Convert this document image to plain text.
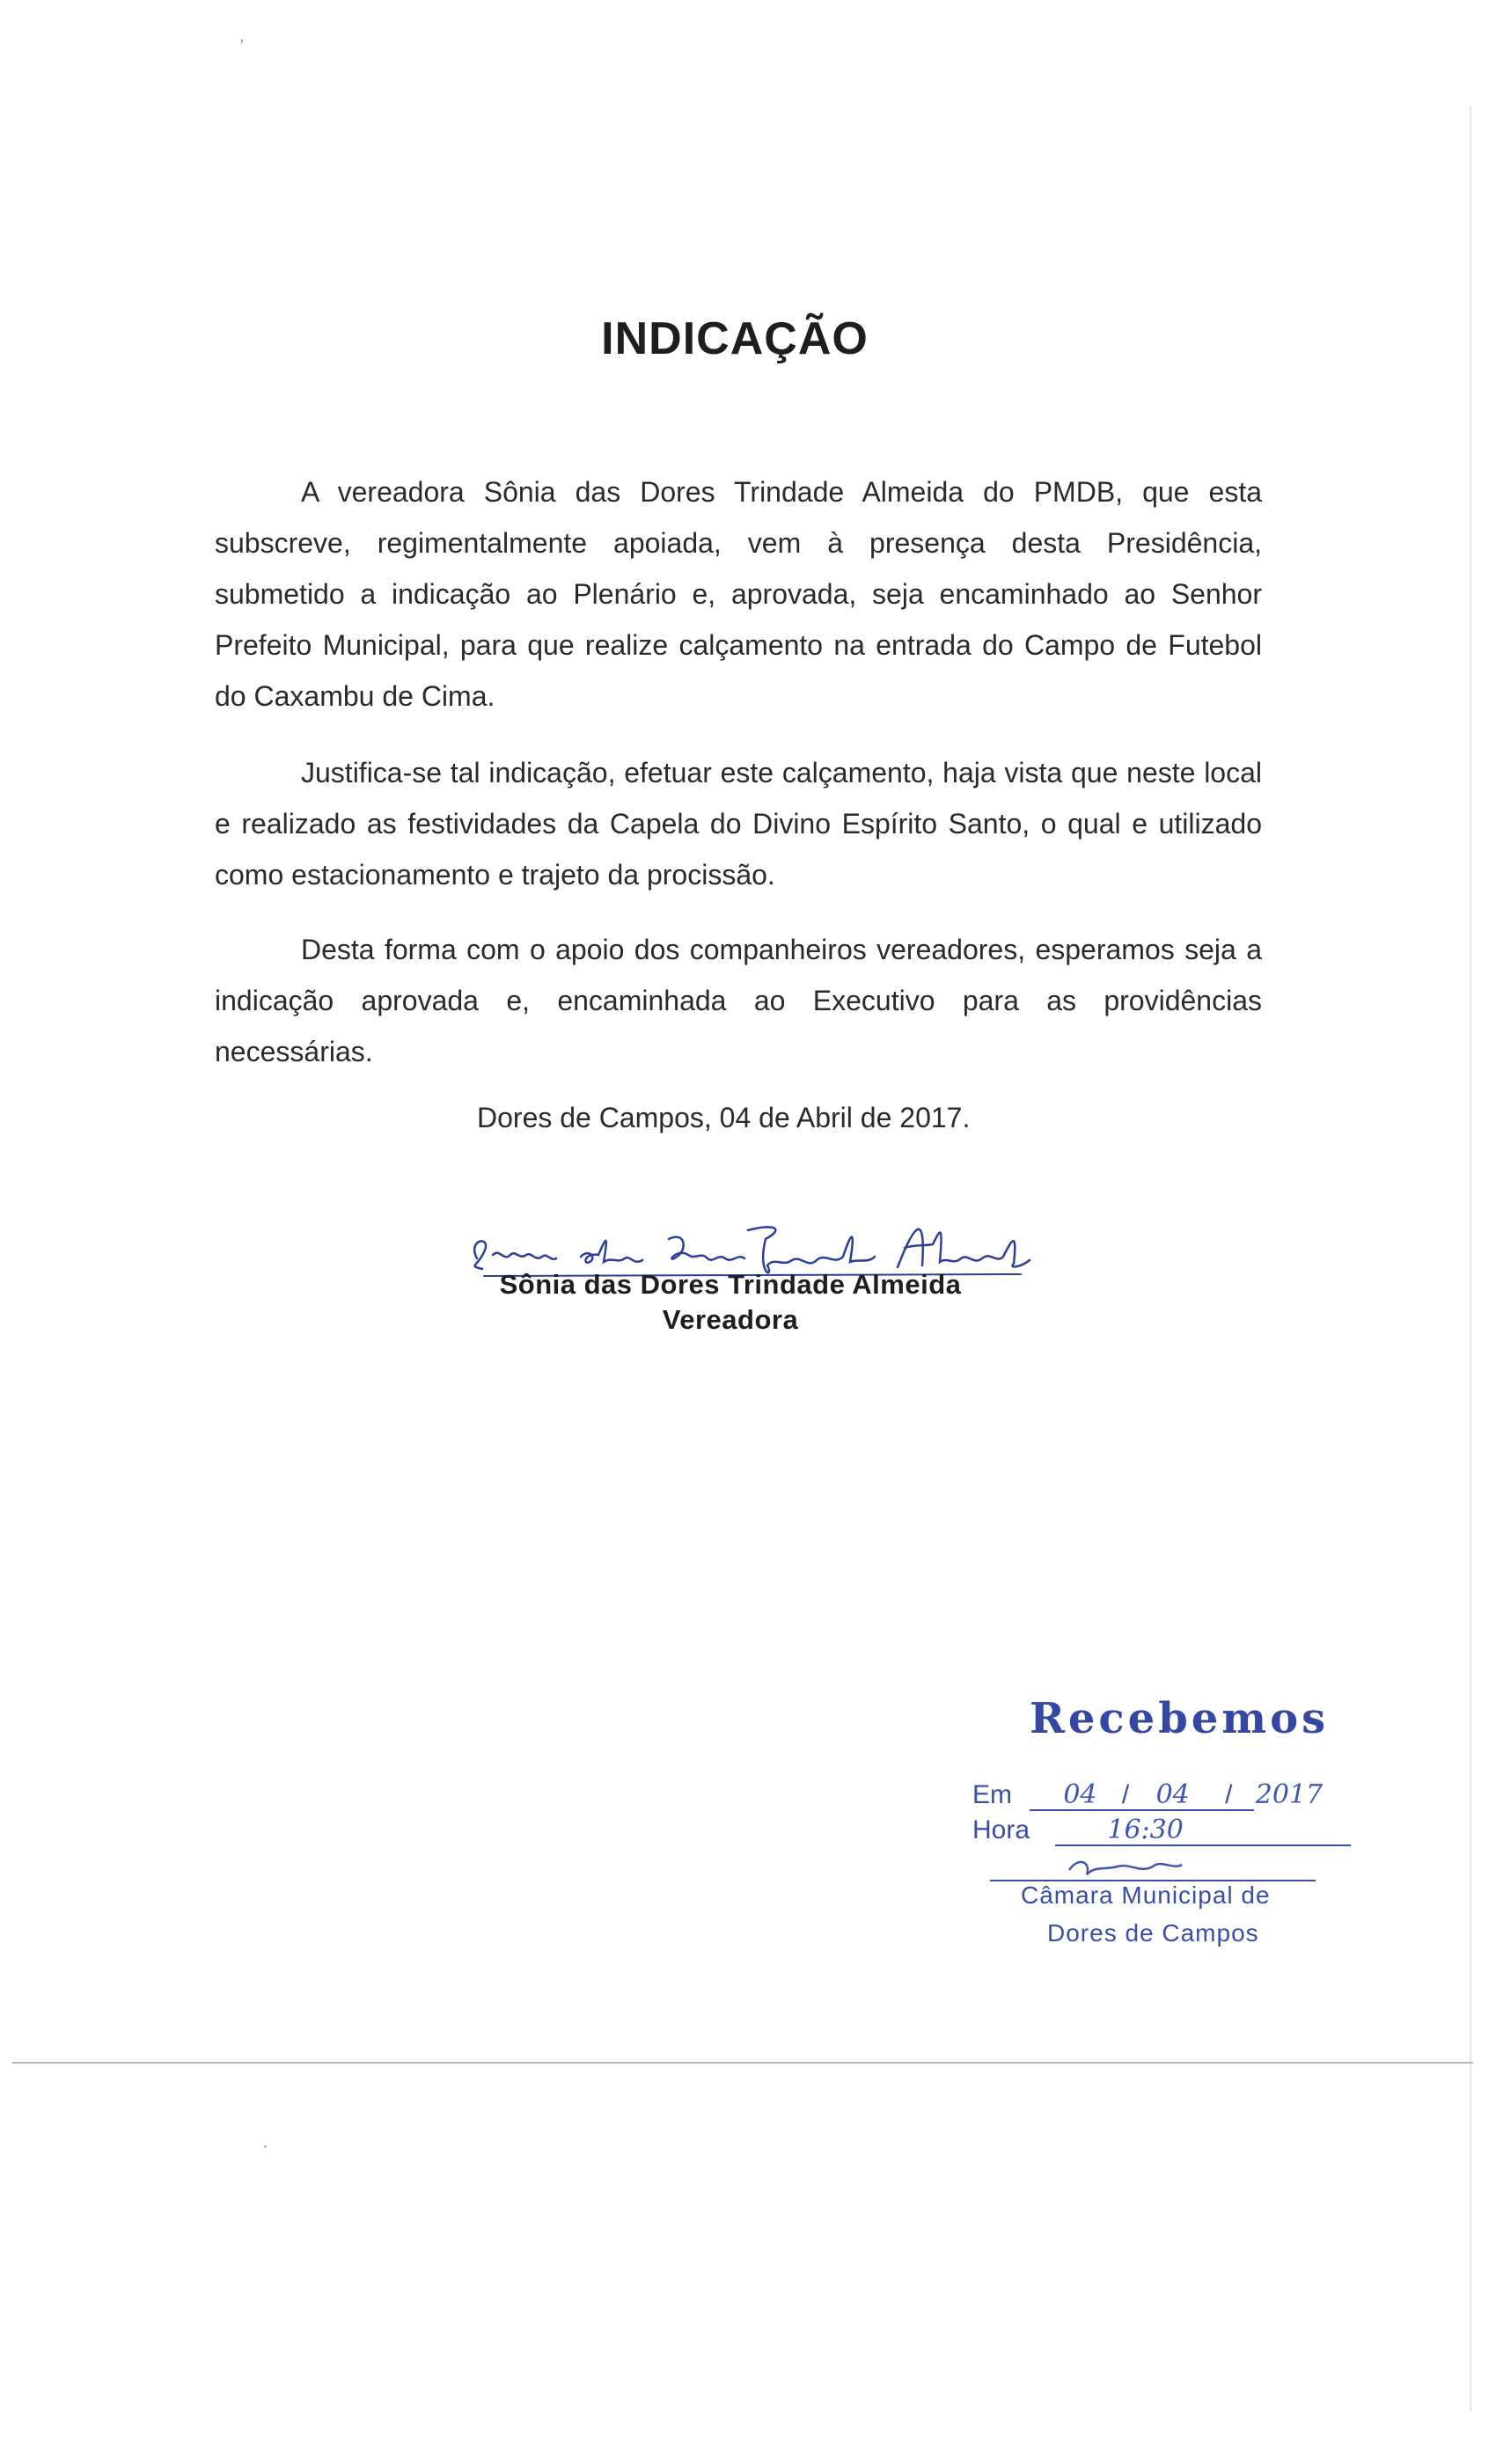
,
INDICAÇÃO

A vereadora Sônia das Dores Trindade Almeida do PMDB, que esta subscreve, regimentalmente apoiada, vem à presença desta Presidência, submetido a indicação ao Plenário e, aprovada, seja encaminhado ao Senhor Prefeito Municipal, para que realize calçamento na entrada do Campo de Futebol do Caxambu de Cima.

Justifica-se tal indicação, efetuar este calçamento, haja vista que neste local e realizado as festividades da Capela do Divino Espírito Santo, o qual e utilizado como estacionamento e trajeto da procissão.

Desta forma com o apoio dos companheiros vereadores, esperamos seja a indicação aprovada e, encaminhada ao Executivo para as providências necessárias.

Dores de Campos, 04 de Abril de 2017.
Sônia das Dores Trindade Almeida
Vereadora
Recebemos
Em 04 / 04 / 2017
Hora	16:30
Câmara Municipal de
Dores de Campos
·
